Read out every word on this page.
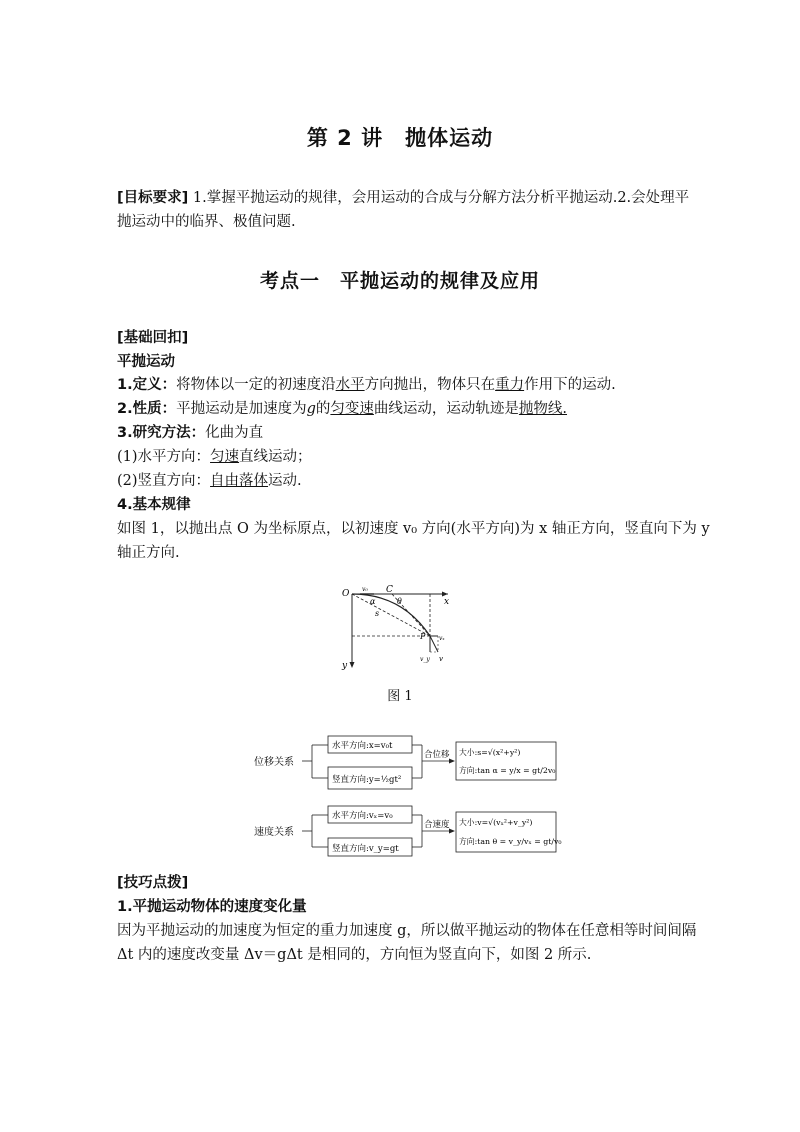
第 2 讲　抛体运动
[目标要求] 1.掌握平抛运动的规律，会用运动的合成与分解方法分析平抛运动.2.会处理平
抛运动中的临界、极值问题.
考点一　平抛运动的规律及应用
[基础回扣]
平抛运动
1.定义：将物体以一定的初速度沿水平方向抛出，物体只在重力作用下的运动.
2.性质：平抛运动是加速度为g的匀变速曲线运动，运动轨迹是抛物线.
3.研究方法：化曲为直
(1)水平方向：匀速直线运动；
(2)竖直方向：自由落体运动.
4.基本规律
如图 1，以抛出点 O 为坐标原点，以初速度 v₀ 方向(水平方向)为 x 轴正方向，竖直向下为 y
轴正方向.
O v₀ C
θ	x
α
s
P vₓ
v_y v
y
图 1
位移关系
水平方向:x=v₀t
竖直方向:y=½gt²
合位移 大小:s=√(x²+y²)
方向:tan α = y/x = gt/2v₀
速度关系
水平方向:vₓ=v₀
竖直方向:v_y=gt
合速度 大小:v=√(vₓ²+v_y²)
方向:tan θ = v_y/vₓ = gt/v₀
[技巧点拨]
1.平抛运动物体的速度变化量
因为平抛运动的加速度为恒定的重力加速度 g，所以做平抛运动的物体在任意相等时间间隔
Δt 内的速度改变量 Δv＝gΔt 是相同的，方向恒为竖直向下，如图 2 所示.
